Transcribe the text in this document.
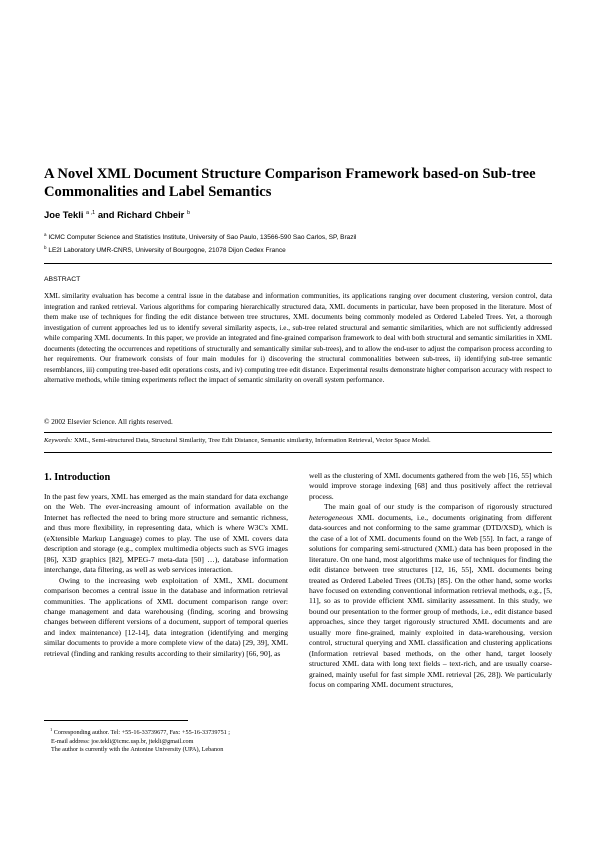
A Novel XML Document Structure Comparison Framework based-on Sub-tree Commonalities and Label Semantics
Joe Tekli $^{a ,1}$ and Richard Chbeir $^b$
$^a$ ICMC Computer Science and Statistics Institute, University of Sao Paulo, 13566-590 Sao Carlos, SP, Brazil
$^b$ LE2I Laboratory UMR-CNRS, University of Bourgogne, 21078 Dijon Cedex France
ABSTRACT
XML similarity evaluation has become a central issue in the database and information communities, its applications ranging over document clustering, version control, data integration and ranked retrieval. Various algorithms for comparing hierarchically structured data, XML documents in particular, have been proposed in the literature. Most of them make use of techniques for finding the edit distance between tree structures, XML documents being commonly modeled as Ordered Labeled Trees. Yet, a thorough investigation of current approaches led us to identify several similarity aspects, i.e., sub-tree related structural and semantic similarities, which are not sufficiently addressed while comparing XML documents. In this paper, we provide an integrated and fine-grained comparison framework to deal with both structural and semantic similarities in XML documents (detecting the occurrences and repetitions of structurally and semantically similar sub-trees), and to allow the end-user to adjust the comparison process according to her requirements. Our framework consists of four main modules for i) discovering the structural commonalities between sub-trees, ii) identifying sub-tree semantic resemblances, iii) computing tree-based edit operations costs, and iv) computing tree edit distance. Experimental results demonstrate higher comparison accuracy with respect to alternative methods, while timing experiments reflect the impact of semantic similarity on overall system performance.
© 2002 Elsevier Science. All rights reserved.
Keywords: XML, Semi-structured Data, Structural Similarity, Tree Edit Distance, Semantic similarity, Information Retrieval, Vector Space Model.
1. Introduction

In the past few years, XML has emerged as the main standard for data exchange on the Web. The ever-increasing amount of information available on the Internet has reflected the need to bring more structure and semantic richness, and thus more flexibility, in representing data, which is where W3C's XML (eXtensible Markup Language) comes to play. The use of XML covers data description and storage (e.g., complex multimedia objects such as SVG images [86], X3D graphics [82], MPEG-7 meta-data [50] …), database information interchange, data filtering, as well as web services interaction.

Owing to the increasing web exploitation of XML, XML document comparison becomes a central issue in the database and information retrieval communities. The applications of XML document comparison range over: change management and data warehousing (finding, scoring and browsing changes between different versions of a document, support of temporal queries and index maintenance) [12-14], data integration (identifying and merging similar documents to provide a more complete view of the data) [29, 39], XML retrieval (finding and ranking results according to their similarity) [66, 90], as

well as the clustering of XML documents gathered from the web [16, 55] which would improve storage indexing [68] and thus positively affect the retrieval process.

The main goal of our study is the comparison of rigorously structured heterogeneous XML documents, i.e., documents originating from different data-sources and not conforming to the same grammar (DTD/XSD), which is the case of a lot of XML documents found on the Web [55]. In fact, a range of solutions for comparing semi-structured (XML) data has been proposed in the literature. On one hand, most algorithms make use of techniques for finding the edit distance between tree structures [12, 16, 55], XML documents being treated as Ordered Labeled Trees (OLTs) [85]. On the other hand, some works have focused on extending conventional information retrieval methods, e.g., [5, 11], so as to provide efficient XML similarity assessment. In this study, we bound our presentation to the former group of methods, i.e., edit distance based approaches, since they target rigorously structured XML documents and are usually more fine-grained, mainly exploited in data-warehousing, version control, structural querying and XML classification and clustering applications (Information retrieval based methods, on the other hand, target loosely structured XML data with long text fields – text-rich, and are usually coarse-grained, mainly useful for fast simple XML retrieval [26, 28]). We particularly focus on comparing XML document structures,

$^1$ Corresponding author. Tel: +55-16-33739677, Fax: +55-16-33739751 ;
E-mail address: joe.tekli@icmc.usp.br, jtekli@gmail.com
The author is currently with the Antonine University (UPA), Lebanon
